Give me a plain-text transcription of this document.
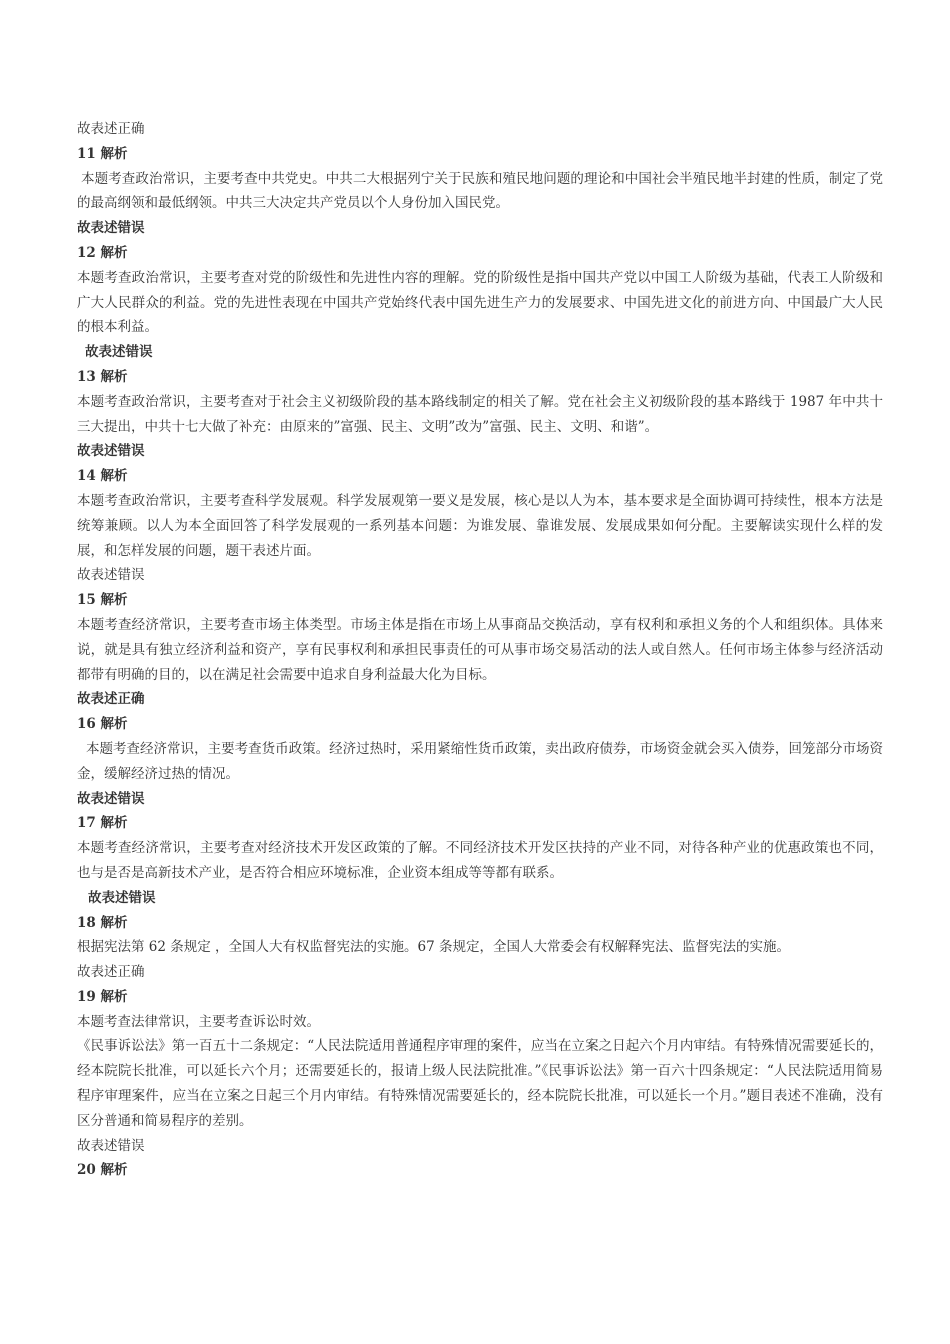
故表述正确

11 解析

本题考查政治常识，主要考查中共党史。中共二大根据列宁关于民族和殖民地问题的理论和中国社会半殖民地半封建的性质，制定了党的最高纲领和最低纲领。中共三大决定共产党员以个人身份加入国民党。

故表述错误

12 解析

本题考查政治常识，主要考查对党的阶级性和先进性内容的理解。党的阶级性是指中国共产党以中国工人阶级为基础，代表工人阶级和广大人民群众的利益。党的先进性表现在中国共产党始终代表中国先进生产力的发展要求、中国先进文化的前进方向、中国最广大人民的根本利益。

故表述错误

13 解析

本题考查政治常识，主要考查对于社会主义初级阶段的基本路线制定的相关了解。党在社会主义初级阶段的基本路线于 1987 年中共十三大提出，中共十七大做了补充：由原来的”富强、民主、文明”改为”富强、民主、文明、和谐”。

故表述错误

14 解析

本题考查政治常识，主要考查科学发展观。科学发展观第一要义是发展，核心是以人为本，基本要求是全面协调可持续性，根本方法是统筹兼顾。以人为本全面回答了科学发展观的一系列基本问题：为谁发展、靠谁发展、发展成果如何分配。主要解读实现什么样的发展，和怎样发展的问题，题干表述片面。

故表述错误

15 解析

本题考查经济常识，主要考查市场主体类型。市场主体是指在市场上从事商品交换活动，享有权利和承担义务的个人和组织体。具体来说，就是具有独立经济利益和资产，享有民事权利和承担民事责任的可从事市场交易活动的法人或自然人。任何市场主体参与经济活动都带有明确的目的，以在满足社会需要中追求自身利益最大化为目标。

故表述正确

16 解析

本题考查经济常识，主要考查货币政策。经济过热时，采用紧缩性货币政策，卖出政府债券，市场资金就会买入债券，回笼部分市场资金，缓解经济过热的情况。

故表述错误

17 解析

本题考查经济常识，主要考查对经济技术开发区政策的了解。不同经济技术开发区扶持的产业不同，对待各种产业的优惠政策也不同，也与是否是高新技术产业，是否符合相应环境标准，企业资本组成等等都有联系。

故表述错误

18 解析

根据宪法第 62 条规定 ，全国人大有权监督宪法的实施。67 条规定，全国人大常委会有权解释宪法、监督宪法的实施。

故表述正确

19 解析

本题考查法律常识，主要考查诉讼时效。

《民事诉讼法》第一百五十二条规定：“人民法院适用普通程序审理的案件，应当在立案之日起六个月内审结。有特殊情况需要延长的，经本院院长批准，可以延长六个月；还需要延长的，报请上级人民法院批准。”《民事诉讼法》第一百六十四条规定：“人民法院适用简易程序审理案件，应当在立案之日起三个月内审结。有特殊情况需要延长的，经本院院长批准，可以延长一个月。”题目表述不准确，没有区分普通和简易程序的差别。

故表述错误

20 解析
